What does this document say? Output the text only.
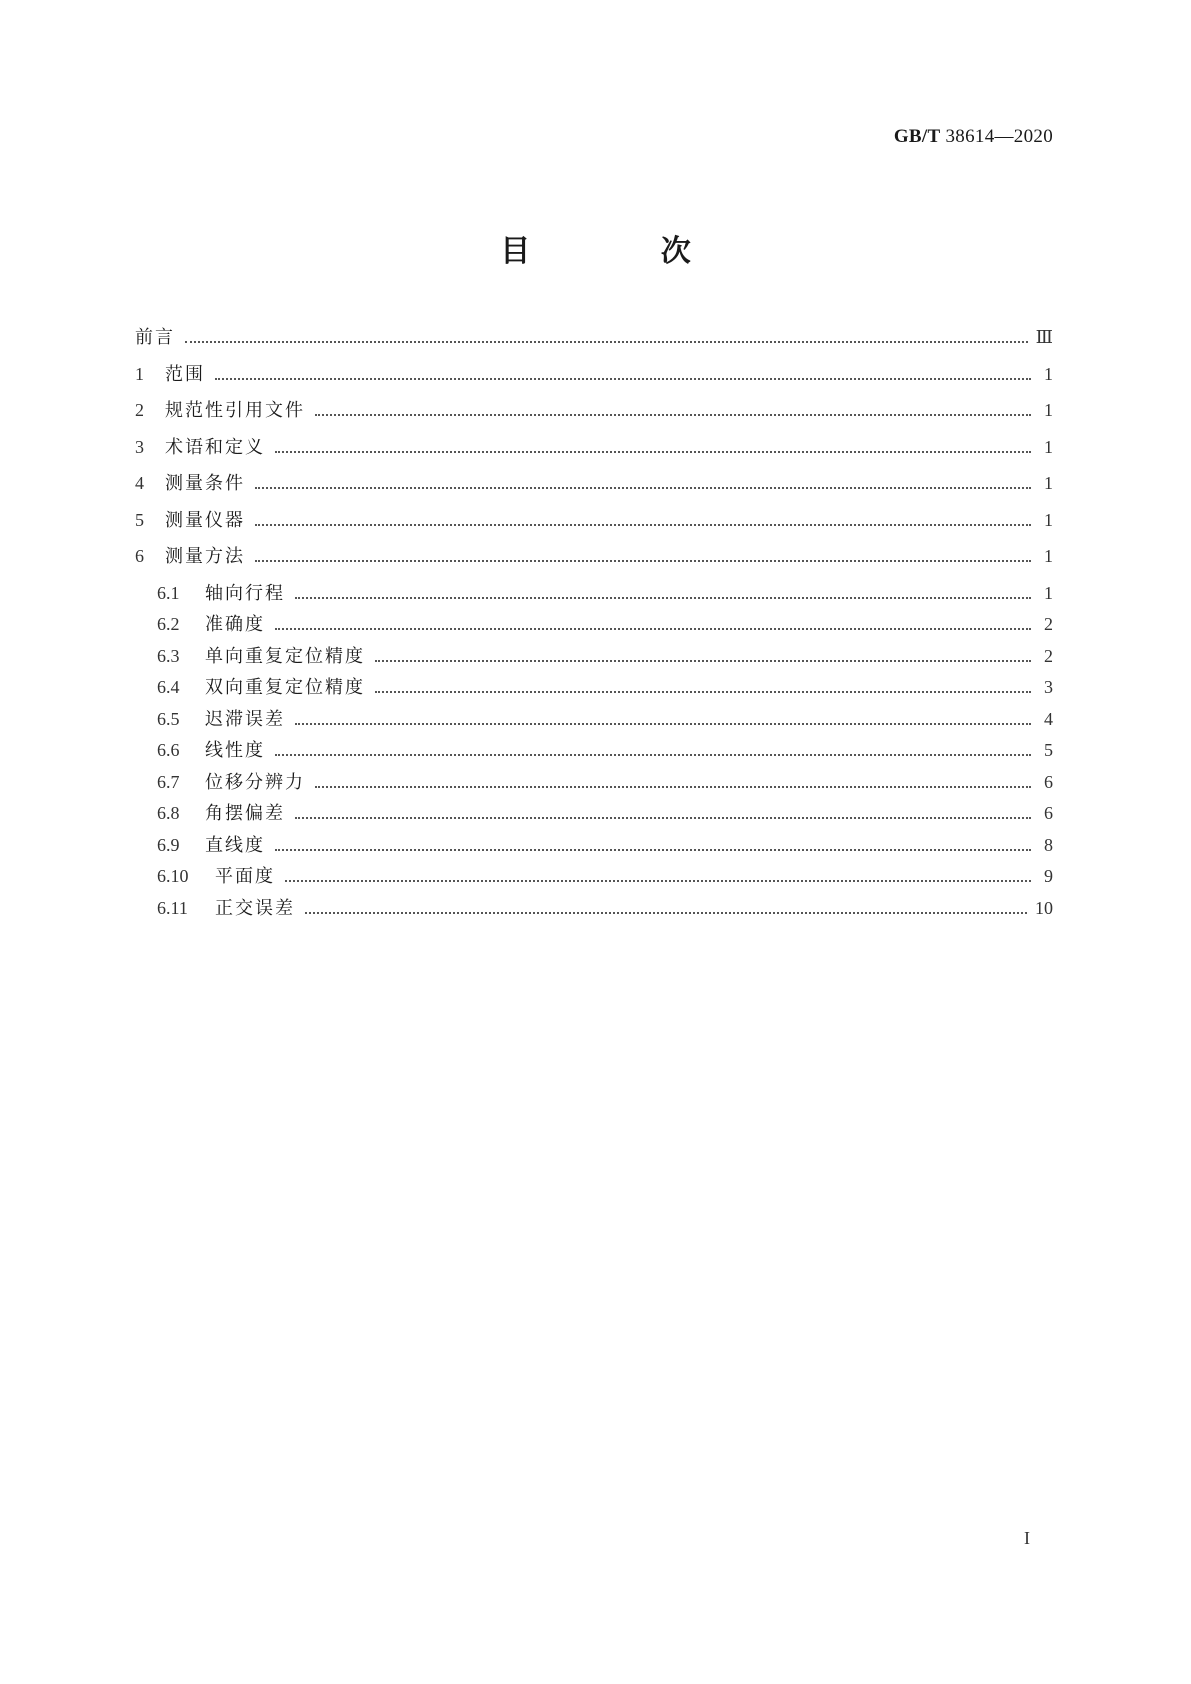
GB/T 38614—2020
目 次
前言	Ⅲ
1	范围	1
2	规范性引用文件	1
3	术语和定义	1
4	测量条件	1
5	测量仪器	1
6	测量方法	1
6.1	轴向行程	1
6.2	准确度	2
6.3	单向重复定位精度	2
6.4	双向重复定位精度	3
6.5	迟滞误差	4
6.6	线性度	5
6.7	位移分辨力	6
6.8	角摆偏差	6
6.9	直线度	8
6.10	平面度	9
6.11	正交误差	10
I
